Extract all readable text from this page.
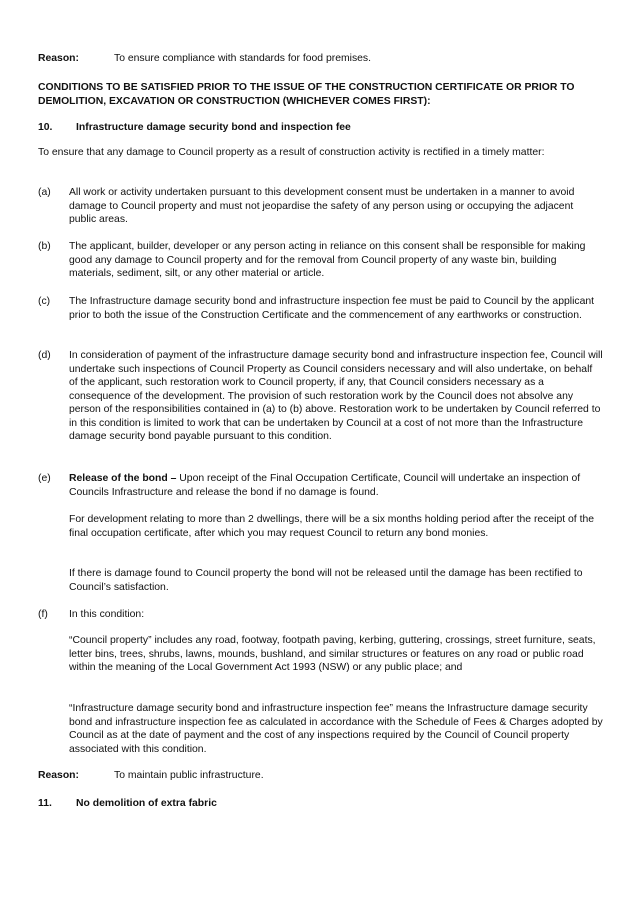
Reason:	To ensure compliance with standards for food premises.
CONDITIONS TO BE SATISFIED PRIOR TO THE ISSUE OF THE CONSTRUCTION CERTIFICATE OR PRIOR TO DEMOLITION, EXCAVATION OR CONSTRUCTION (WHICHEVER COMES FIRST):
10. Infrastructure damage security bond and inspection fee
To ensure that any damage to Council property as a result of construction activity is rectified in a timely matter:
(a) All work or activity undertaken pursuant to this development consent must be undertaken in a manner to avoid damage to Council property and must not jeopardise the safety of any person using or occupying the adjacent public areas.
(b) The applicant, builder, developer or any person acting in reliance on this consent shall be responsible for making good any damage to Council property and for the removal from Council property of any waste bin, building materials, sediment, silt, or any other material or article.
(c) The Infrastructure damage security bond and infrastructure inspection fee must be paid to Council by the applicant prior to both the issue of the Construction Certificate and the commencement of any earthworks or construction.
(d) In consideration of payment of the infrastructure damage security bond and infrastructure inspection fee, Council will undertake such inspections of Council Property as Council considers necessary and will also undertake, on behalf of the applicant, such restoration work to Council property, if any, that Council considers necessary as a consequence of the development. The provision of such restoration work by the Council does not absolve any person of the responsibilities contained in (a) to (b) above. Restoration work to be undertaken by Council referred to in this condition is limited to work that can be undertaken by Council at a cost of not more than the Infrastructure damage security bond payable pursuant to this condition.
(e) Release of the bond – Upon receipt of the Final Occupation Certificate, Council will undertake an inspection of Councils Infrastructure and release the bond if no damage is found.
For development relating to more than 2 dwellings, there will be a six months holding period after the receipt of the final occupation certificate, after which you may request Council to return any bond monies.
If there is damage found to Council property the bond will not be released until the damage has been rectified to Council’s satisfaction.
(f) In this condition:
“Council property” includes any road, footway, footpath paving, kerbing, guttering, crossings, street furniture, seats, letter bins, trees, shrubs, lawns, mounds, bushland, and similar structures or features on any road or public road within the meaning of the Local Government Act 1993 (NSW) or any public place; and
“Infrastructure damage security bond and infrastructure inspection fee” means the Infrastructure damage security bond and infrastructure inspection fee as calculated in accordance with the Schedule of Fees & Charges adopted by Council as at the date of payment and the cost of any inspections required by the Council of Council property associated with this condition.
Reason:	To maintain public infrastructure.
11. No demolition of extra fabric
